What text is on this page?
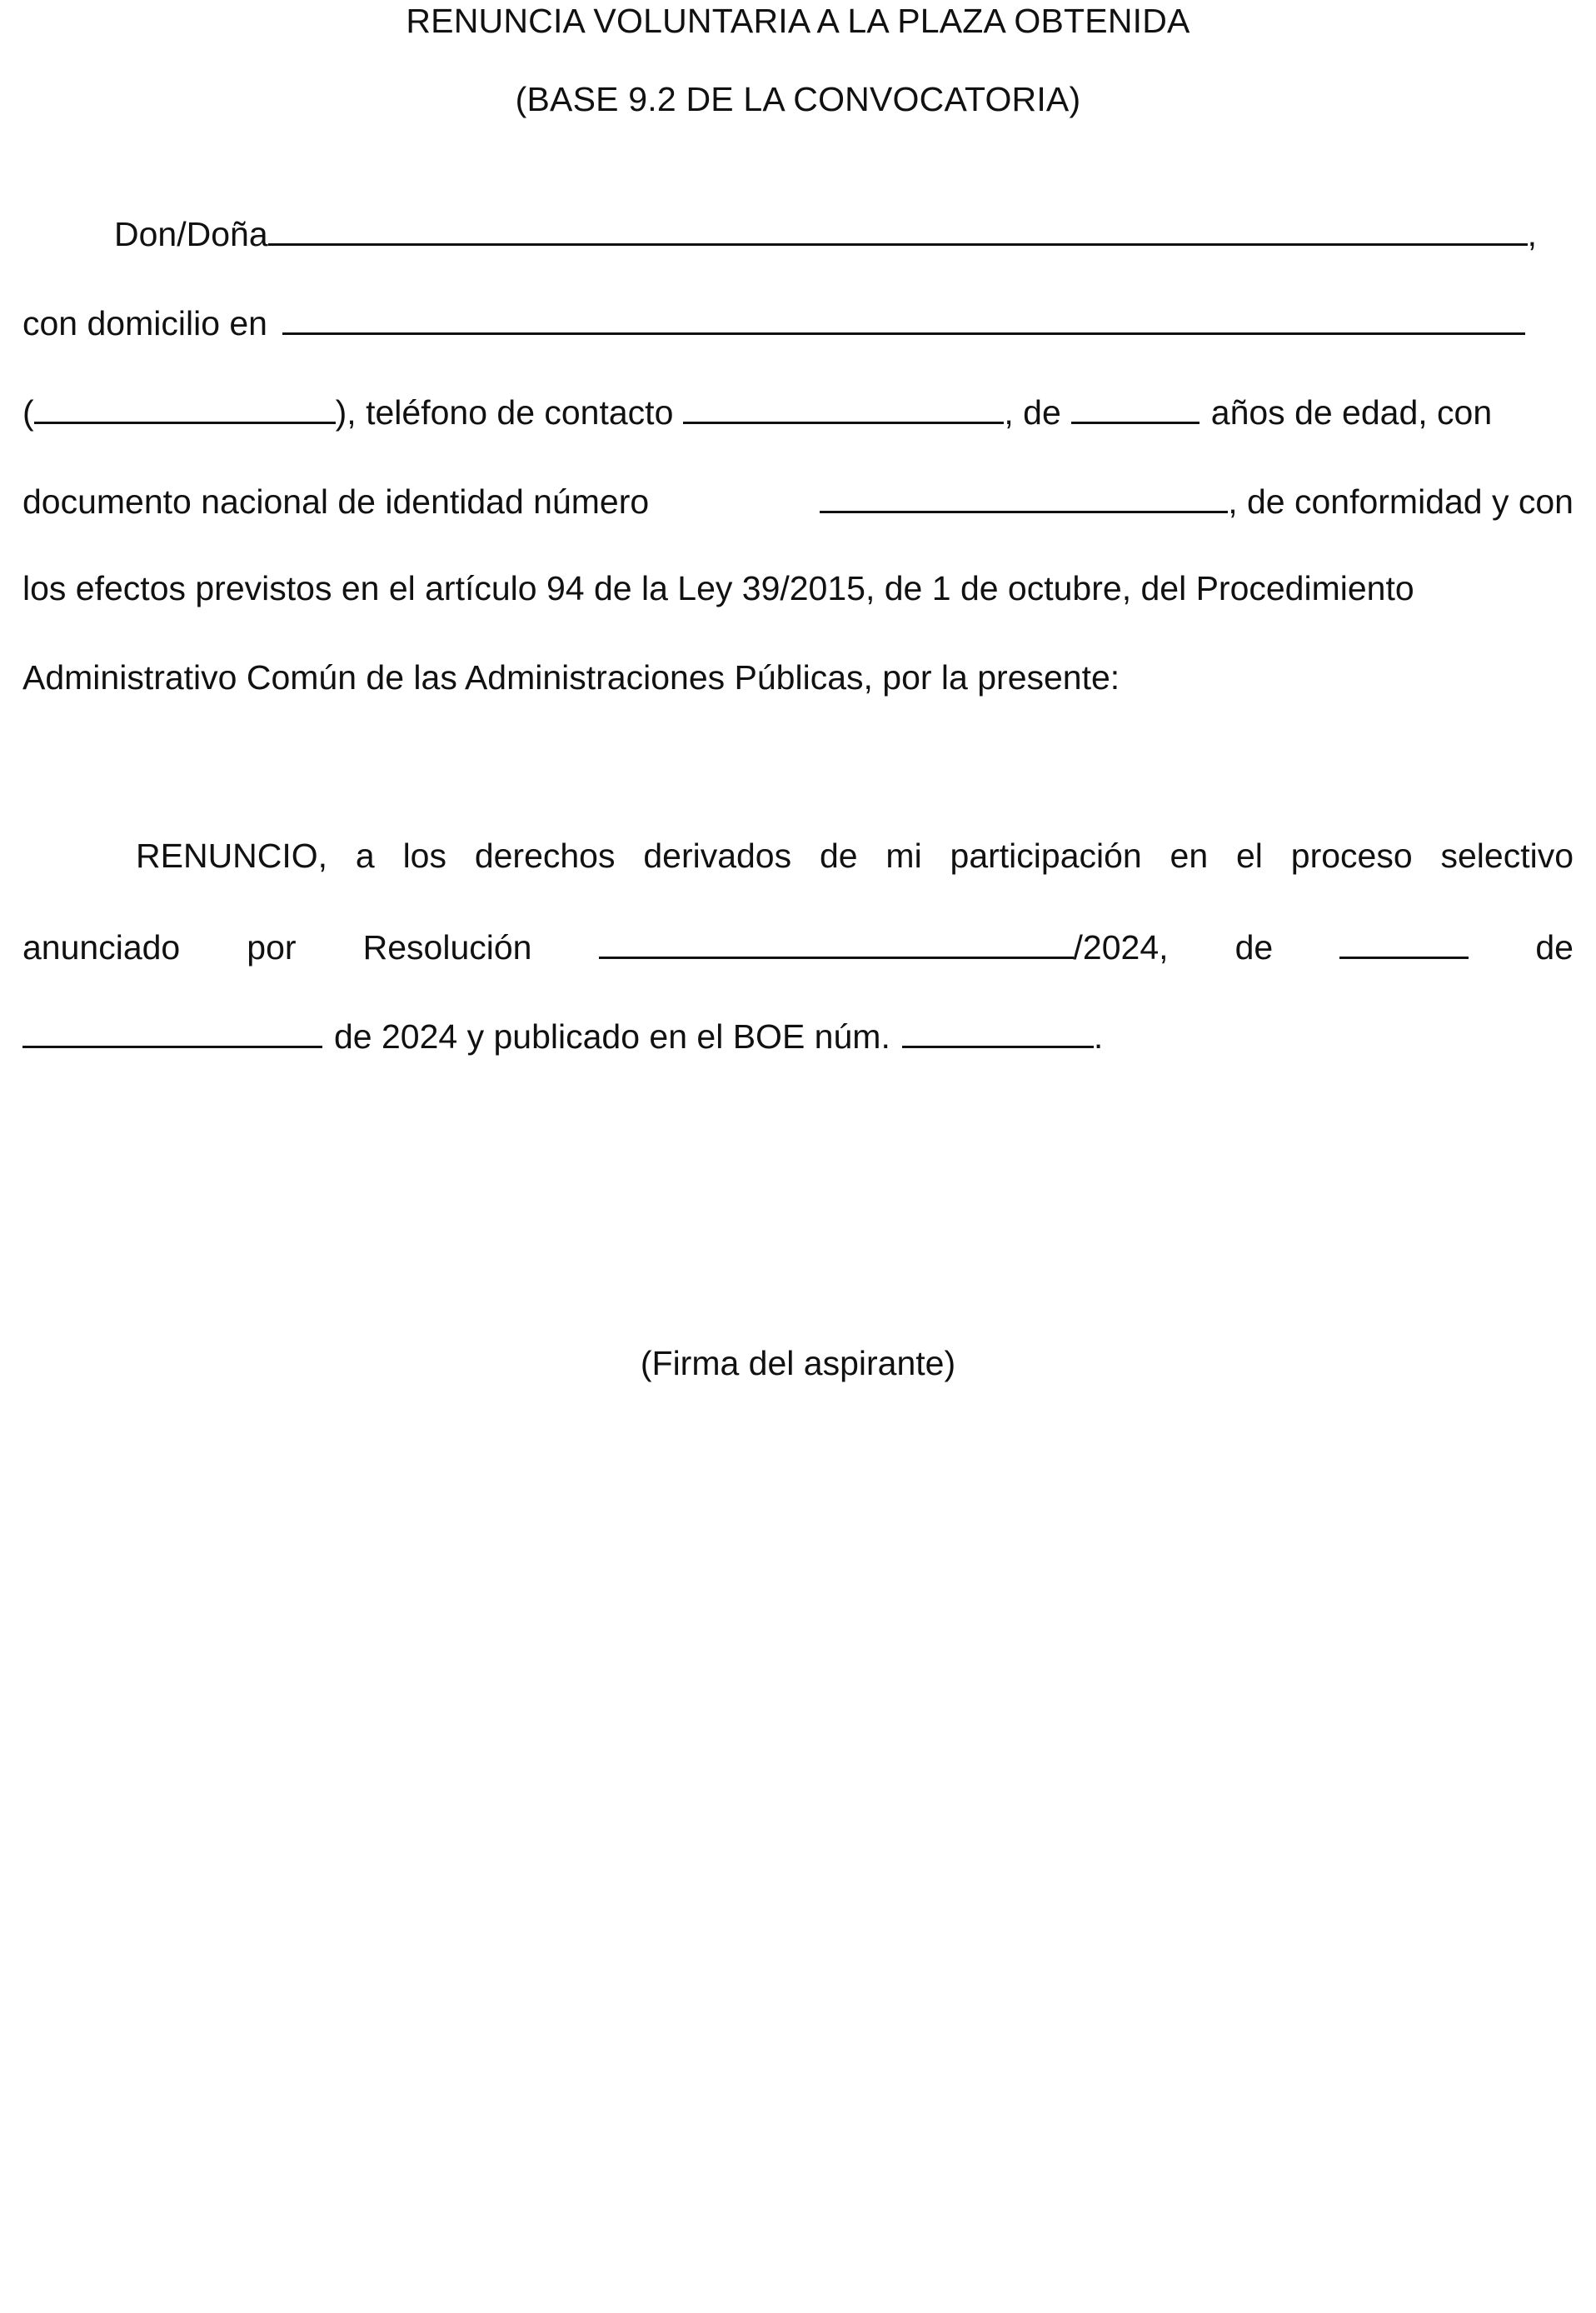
RENUNCIA VOLUNTARIA A LA PLAZA OBTENIDA
(BASE 9.2 DE LA CONVOCATORIA)
Don/Doña	,
con domicilio en
(	), teléfono de contacto	, de	años de edad, con
documento nacional de identidad número	, de conformidad y con
los efectos previstos en el artículo 94 de la Ley 39/2015, de 1 de octubre, del Procedimiento
Administrativo Común de las Administraciones Públicas, por la presente:
RENUNCIO, a los derechos derivados de mi participación en el proceso selectivo
anunciado por Resolución	/2024, de	de
de 2024 y publicado en el BOE núm.	.
(Firma del aspirante)
